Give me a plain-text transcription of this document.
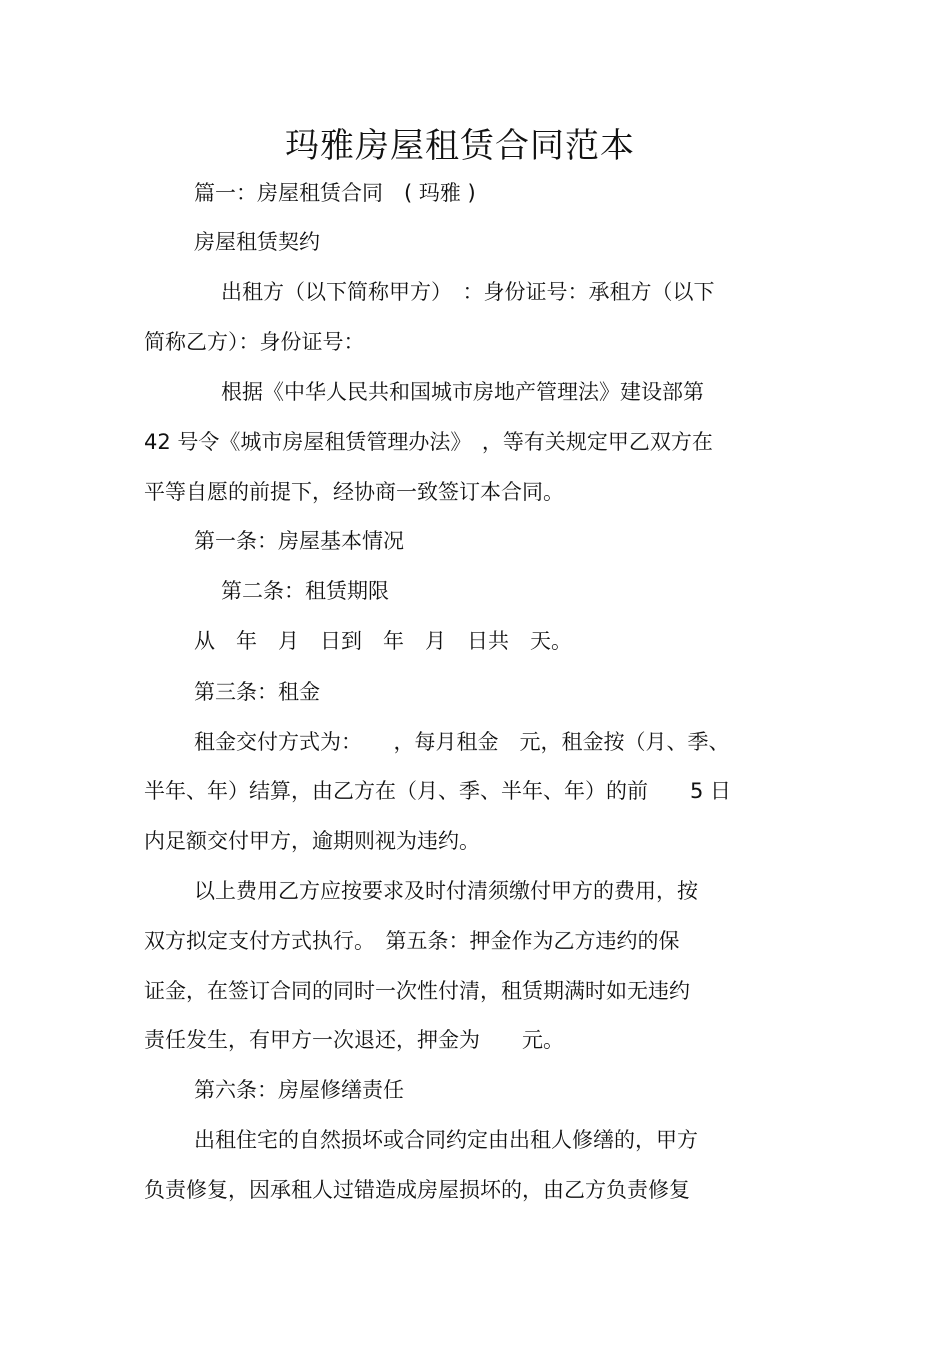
玛雅房屋租赁合同范本

篇一：房屋租赁合同　( 玛雅 )

房屋租赁契约

出租方（以下简称甲方）　：身份证号：承租方（以下

简称乙方）：身份证号：

根据《中华人民共和国城市房地产管理法》建设部第

42 号令《城市房屋租赁管理办法》　，等有关规定甲乙双方在

平等自愿的前提下，经协商一致签订本合同。

第一条：房屋基本情况

第二条：租赁期限

从　年　月　日到　年　月　日共　天。

第三条：租金

租金交付方式为：　　，每月租金　元，租金按（月、季、

半年、年）结算，由乙方在（月、季、半年、年）的前　　5 日

内足额交付甲方，逾期则视为违约。

以上费用乙方应按要求及时付清须缴付甲方的费用，按

双方拟定支付方式执行。　第五条：押金作为乙方违约的保

证金，在签订合同的同时一次性付清，租赁期满时如无违约

责任发生，有甲方一次退还，押金为　　元。

第六条：房屋修缮责任

出租住宅的自然损坏或合同约定由出租人修缮的，甲方

负责修复，因承租人过错造成房屋损坏的，由乙方负责修复
